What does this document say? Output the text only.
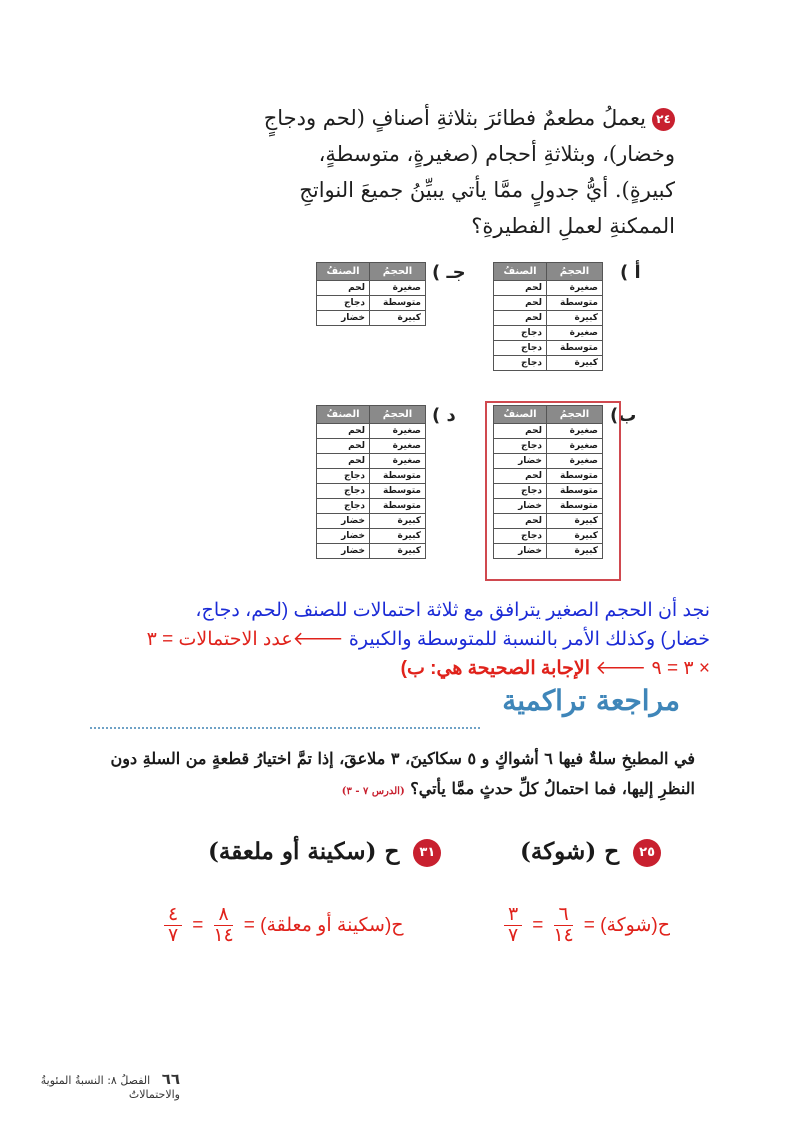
٢٤يعملُ مطعمٌ فطائرَ بثلاثةِ أصنافٍ (لحم ودجاجٍ وخضار)، وبثلاثةِ أحجام (صغيرةٍ، متوسطةٍ، كبيرةٍ). أيُّ جدولٍ ممَّا يأتي يبيِّنُ جميعَ النواتجِ الممكنةِ لعملِ الفطيرةِ؟
أ )
الحجمُ	الصنفُ
صغيرة	لحم
متوسطة	لحم
كبيرة	لحم
صغيرة	دجاج
متوسطة	دجاج
كبيرة	دجاج
جـ )
الحجمُ	الصنفُ
صغيرة	لحم
متوسطة	دجاج
كبيرة	خضار
ب)
الحجمُ	الصنفُ
صغيرة	لحم
صغيرة	دجاج
صغيرة	خضار
متوسطة	لحم
متوسطة	دجاج
متوسطة	خضار
كبيرة	لحم
كبيرة	دجاج
كبيرة	خضار
د )
الحجمُ	الصنفُ
صغيرة	لحم
صغيرة	لحم
صغيرة	لحم
متوسطة	دجاج
متوسطة	دجاج
متوسطة	دجاج
كبيرة	خضار
كبيرة	خضار
كبيرة	خضار
نجد أن الحجم الصغير يترافق مع ثلاثة احتمالات للصنف (لحم، دجاج،
خضار) وكذلك الأمر بالنسبة للمتوسطة والكبيرة 🡐عدد الاحتمالات = ٣
× ٣ = ٩ 🡐 الإجابة الصحيحة هي: ب)
مراجعة تراكمية
في المطبخِ سلةٌ فيها ٦ أشواكٍ و ٥ سكاكينَ، ٣ ملاعقَ، إذا تمَّ اختيارُ قطعةٍ من السلةِ دون النظرِ إليها، فما احتمالُ كلِّ حدثٍ ممَّا يأتي؟ (الدرس ٧ - ٣)
٢٥ ح (شوكة)
٣١ ح (سكينة أو ملعقة)
ح(شوكة) =
$\frac{٦}{١٤}$
=
$\frac{٣}{٧}$
ح(سكينة أو معلقة) =
$\frac{٨}{١٤}$
=
$\frac{٤}{٧}$
٦٦ الفصلُ ٨: النسبةُ المئويةُ والاحتمالاتُ
